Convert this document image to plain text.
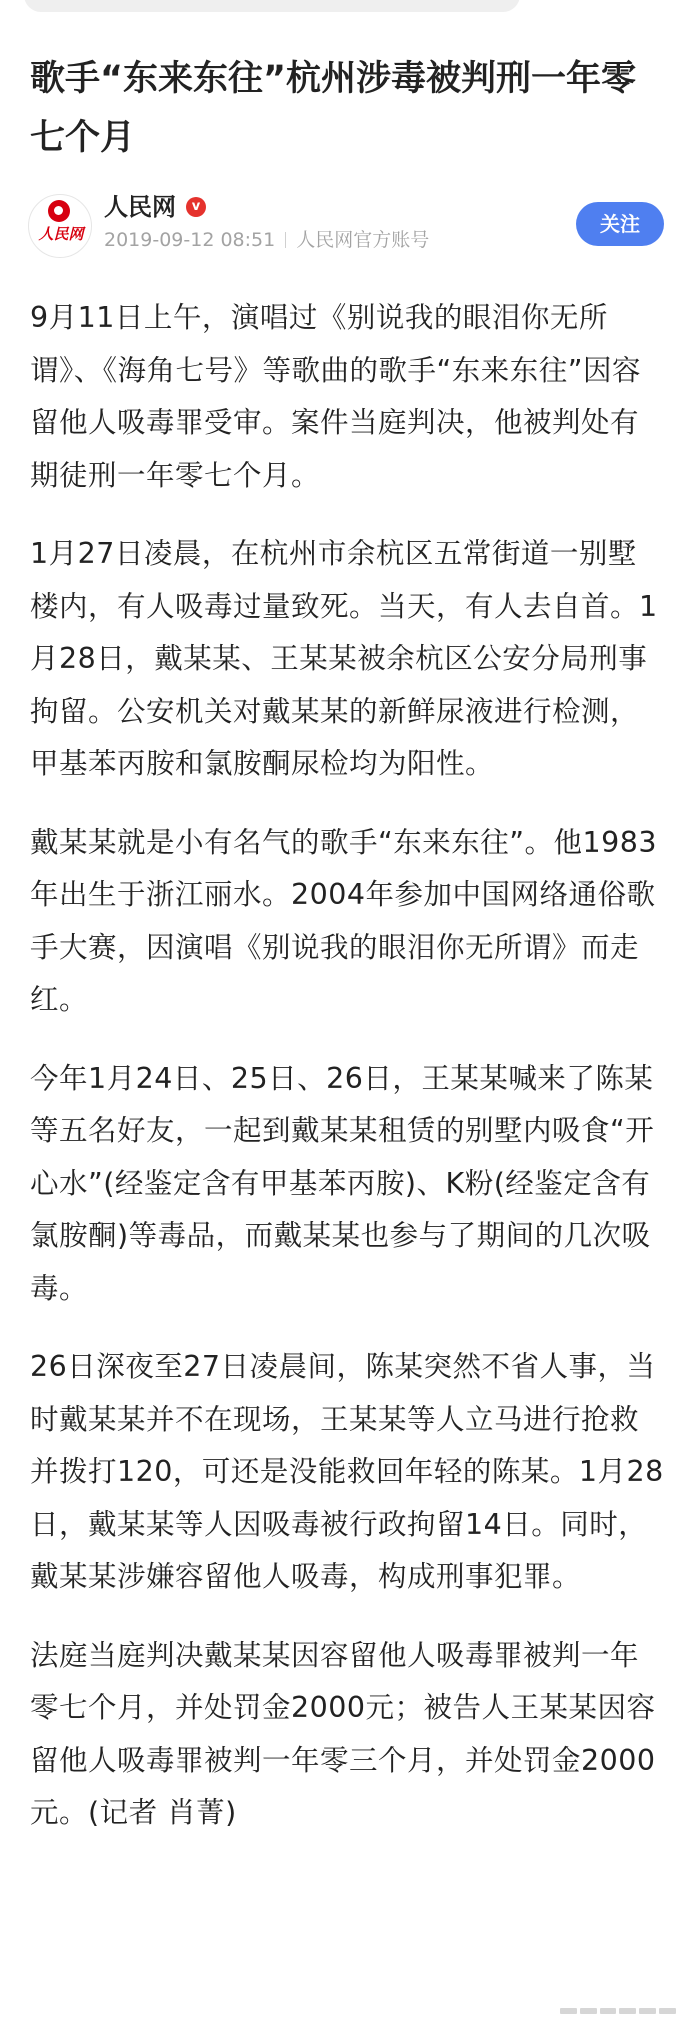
歌手“东来东往”杭州涉毒被判刑一年零七个月
人民网
人民网	v
2019-09-12 08:51 人民网官方账号
关注

9月11日上午，演唱过《别说我的眼泪你无所谓》、《海角七号》等歌曲的歌手“东来东往”因容留他人吸毒罪受审。案件当庭判决，他被判处有期徒刑一年零七个月。

1月27日凌晨，在杭州市余杭区五常街道一别墅楼内，有人吸毒过量致死。当天，有人去自首。1月28日，戴某某、王某某被余杭区公安分局刑事拘留。公安机关对戴某某的新鲜尿液进行检测，甲基苯丙胺和氯胺酮尿检均为阳性。

戴某某就是小有名气的歌手“东来东往”。他1983年出生于浙江丽水。2004年参加中国网络通俗歌手大赛，因演唱《别说我的眼泪你无所谓》而走红。

今年1月24日、25日、26日，王某某喊来了陈某等五名好友，一起到戴某某租赁的别墅内吸食“开心水”(经鉴定含有甲基苯丙胺)、K粉(经鉴定含有氯胺酮)等毒品，而戴某某也参与了期间的几次吸毒。

26日深夜至27日凌晨间，陈某突然不省人事，当时戴某某并不在现场，王某某等人立马进行抢救并拨打120，可还是没能救回年轻的陈某。1月28日，戴某某等人因吸毒被行政拘留14日。同时，戴某某涉嫌容留他人吸毒，构成刑事犯罪。

法庭当庭判决戴某某因容留他人吸毒罪被判一年零七个月，并处罚金2000元；被告人王某某因容留他人吸毒罪被判一年零三个月，并处罚金2000元。(记者 肖菁)
